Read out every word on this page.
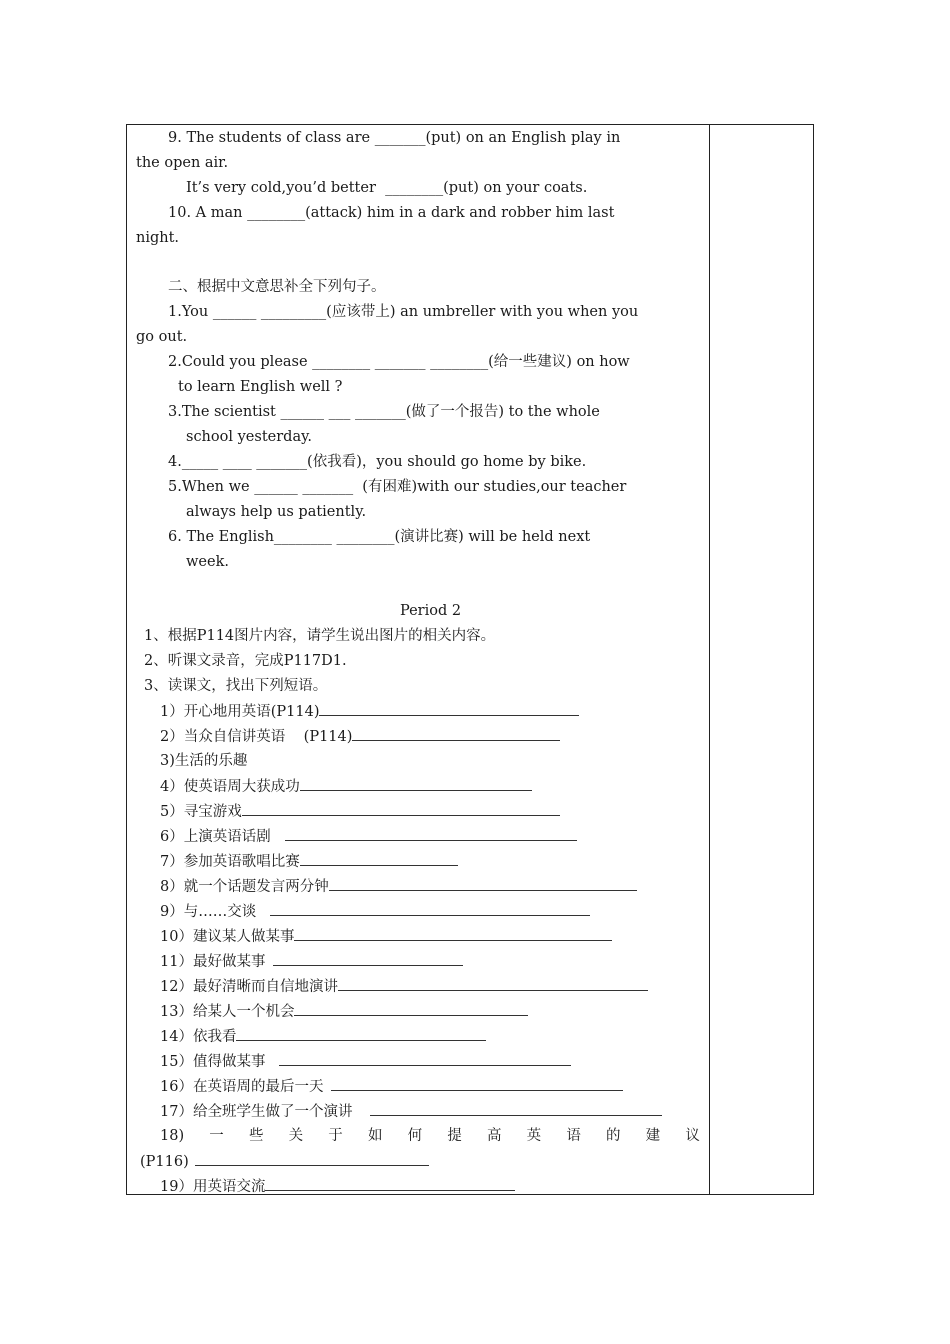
9. The students of class are _______(put) on an English play in
the open air.
It’s very cold,you’d better  ________(put) on your coats.
10. A man ________(attack) him in a dark and robber him last
night.
二、根据中文意思补全下列句子。
1.You ______ _________(应该带上) an umbreller with you when you
go out.
2.Could you please ________ _______ ________(给一些建议) on how
to learn English well ?
3.The scientist ______ ___ _______(做了一个报告) to the whole
school yesterday.
4._____ ____ _______(依我看)，you should go home by bike.
5.When we ______ _______  (有困难)with our studies,our teacher
always help us patiently.
6. The English________ ________(演讲比赛) will be held next
week.
Period 2
1、根据P114图片内容，请学生说出图片的相关内容。
2、听课文录音，完成P117D1.
3、读课文，找出下列短语。
1）开心地用英语(P114)
2）当众自信讲英语    (P114)
3)生活的乐趣
4）使英语周大获成功
5）寻宝游戏
6）上演英语话剧
7）参加英语歌唱比赛
8）就一个话题发言两分钟
9）与……交谈
10）建议某人做某事
11）最好做某事
12）最好清晰而自信地演讲
13）给某人一个机会
14）依我看
15）值得做某事
16）在英语周的最后一天
17）给全班学生做了一个演讲
18) 一 些 关 于 如 何 提 高 英 语 的 建 议
(P116)
19）用英语交流
